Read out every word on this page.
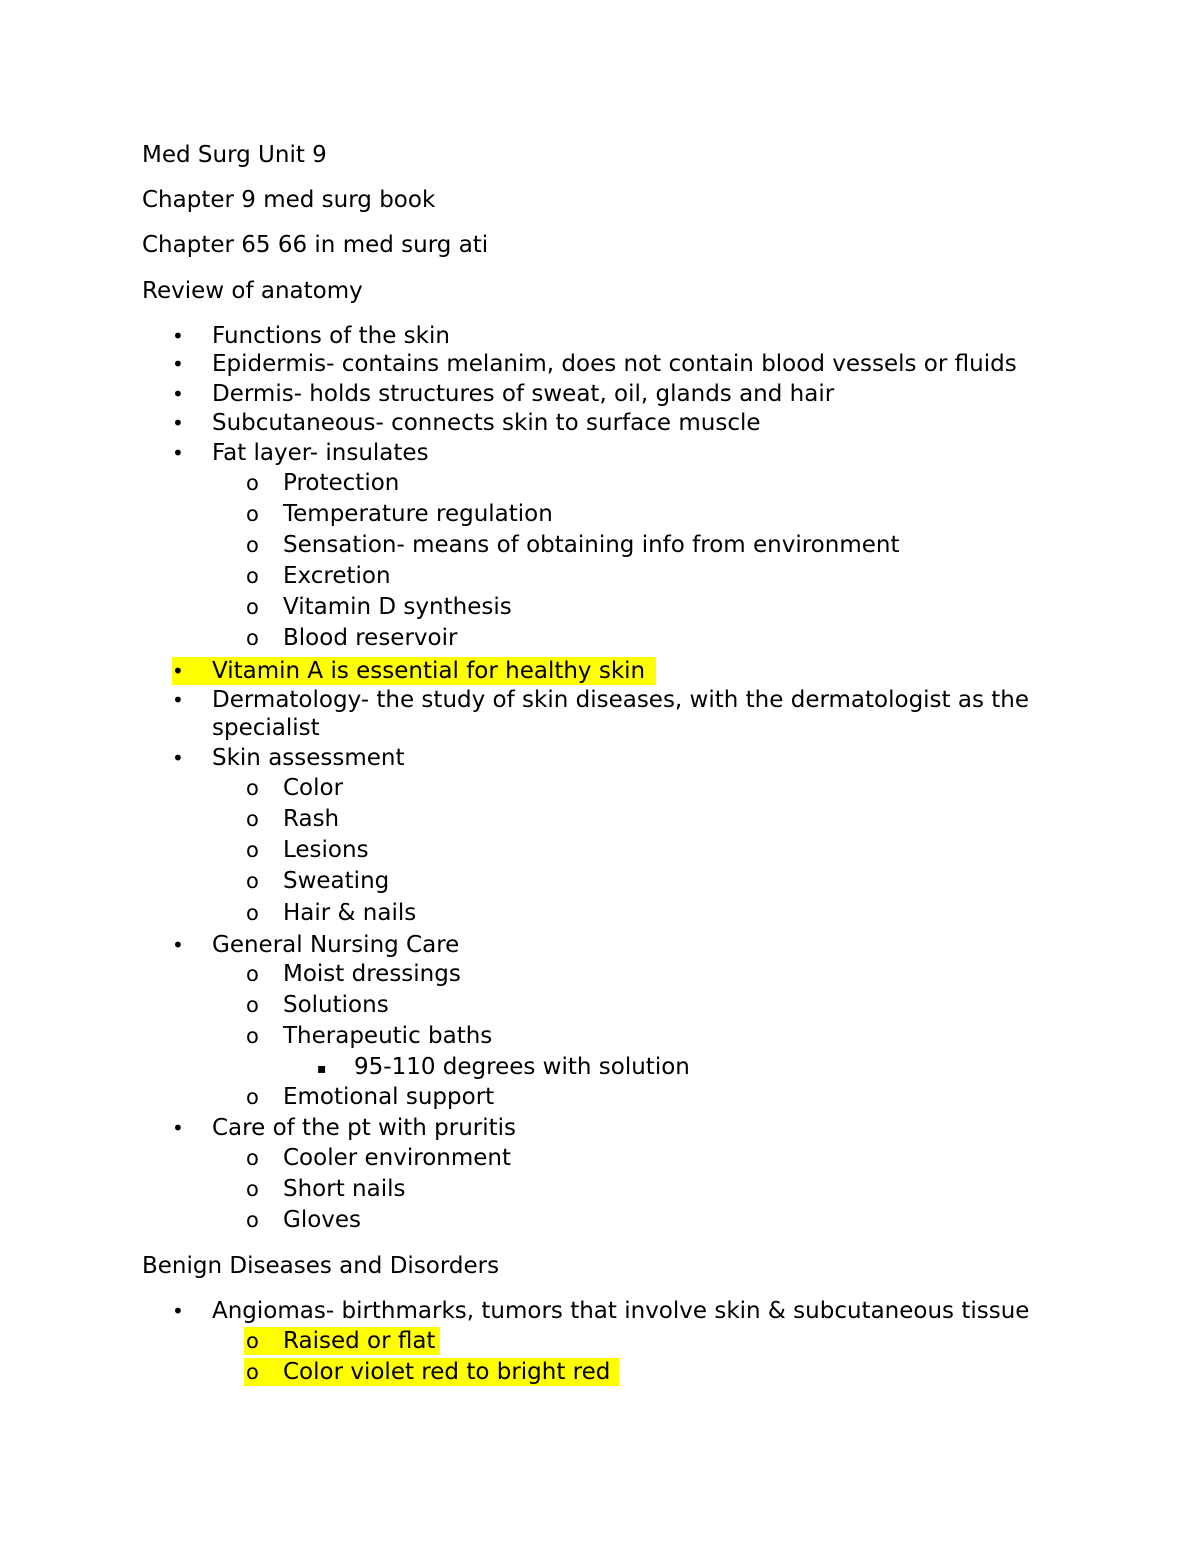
Med Surg Unit 9
Chapter 9 med surg book
Chapter 65 66 in med surg ati
Review of anatomy
• Functions of the skin
• Epidermis- contains melanim, does not contain blood vessels or fluids
• Dermis- holds structures of sweat, oil, glands and hair
• Subcutaneous- connects skin to surface muscle
• Fat layer- insulates
o Protection
o Temperature regulation
o Sensation- means of obtaining info from environment
o Excretion
o Vitamin D synthesis
o Blood reservoir
• Vitamin A is essential for healthy skin
• Dermatology- the study of skin diseases, with the dermatologist as the specialist
• Skin assessment
o Color
o Rash
o Lesions
o Sweating
o Hair & nails
• General Nursing Care
o Moist dressings
o Solutions
o Therapeutic baths
▪ 95-110 degrees with solution
o Emotional support
• Care of the pt with pruritis
o Cooler environment
o Short nails
o Gloves
Benign Diseases and Disorders
• Angiomas- birthmarks, tumors that involve skin & subcutaneous tissue
o Raised or flat
o Color violet red to bright red
